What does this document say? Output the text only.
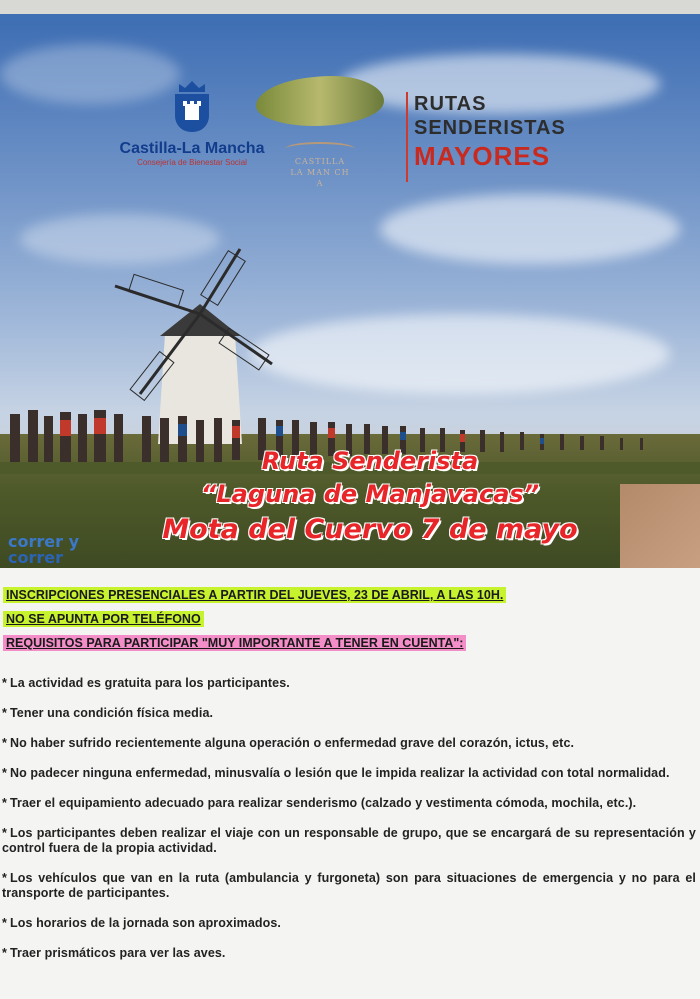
Castilla-La Mancha
Consejería de Bienestar Social	CASTILLA LA MAN CHA
RUTAS
SENDERISTAS
MAYORES
Ruta Senderista
“Laguna de Manjavacas”
Mota del Cuervo 7 de mayo
correr y
correr
INSCRIPCIONES PRESENCIALES A PARTIR DEL JUEVES, 23 DE ABRIL, A LAS 10H.
NO SE APUNTA POR TELÉFONO
REQUISITOS PARA PARTICIPAR "MUY IMPORTANTE A TENER EN CUENTA":
* La actividad es gratuita para los participantes.
* Tener una condición física media.
* No haber sufrido recientemente alguna operación o enfermedad grave del corazón, ictus, etc.
* No padecer ninguna enfermedad, minusvalía o lesión que le impida realizar la actividad con total normalidad.
* Traer el equipamiento adecuado para realizar senderismo (calzado y vestimenta cómoda, mochila, etc.).
* Los participantes deben realizar el viaje con un responsable de grupo, que se encargará de su representación y control fuera de la propia actividad.
* Los vehículos que van en la ruta (ambulancia y furgoneta) son para situaciones de emergencia y no para el transporte de participantes.
* Los horarios de la jornada son aproximados.
* Traer prismáticos para ver las aves.
